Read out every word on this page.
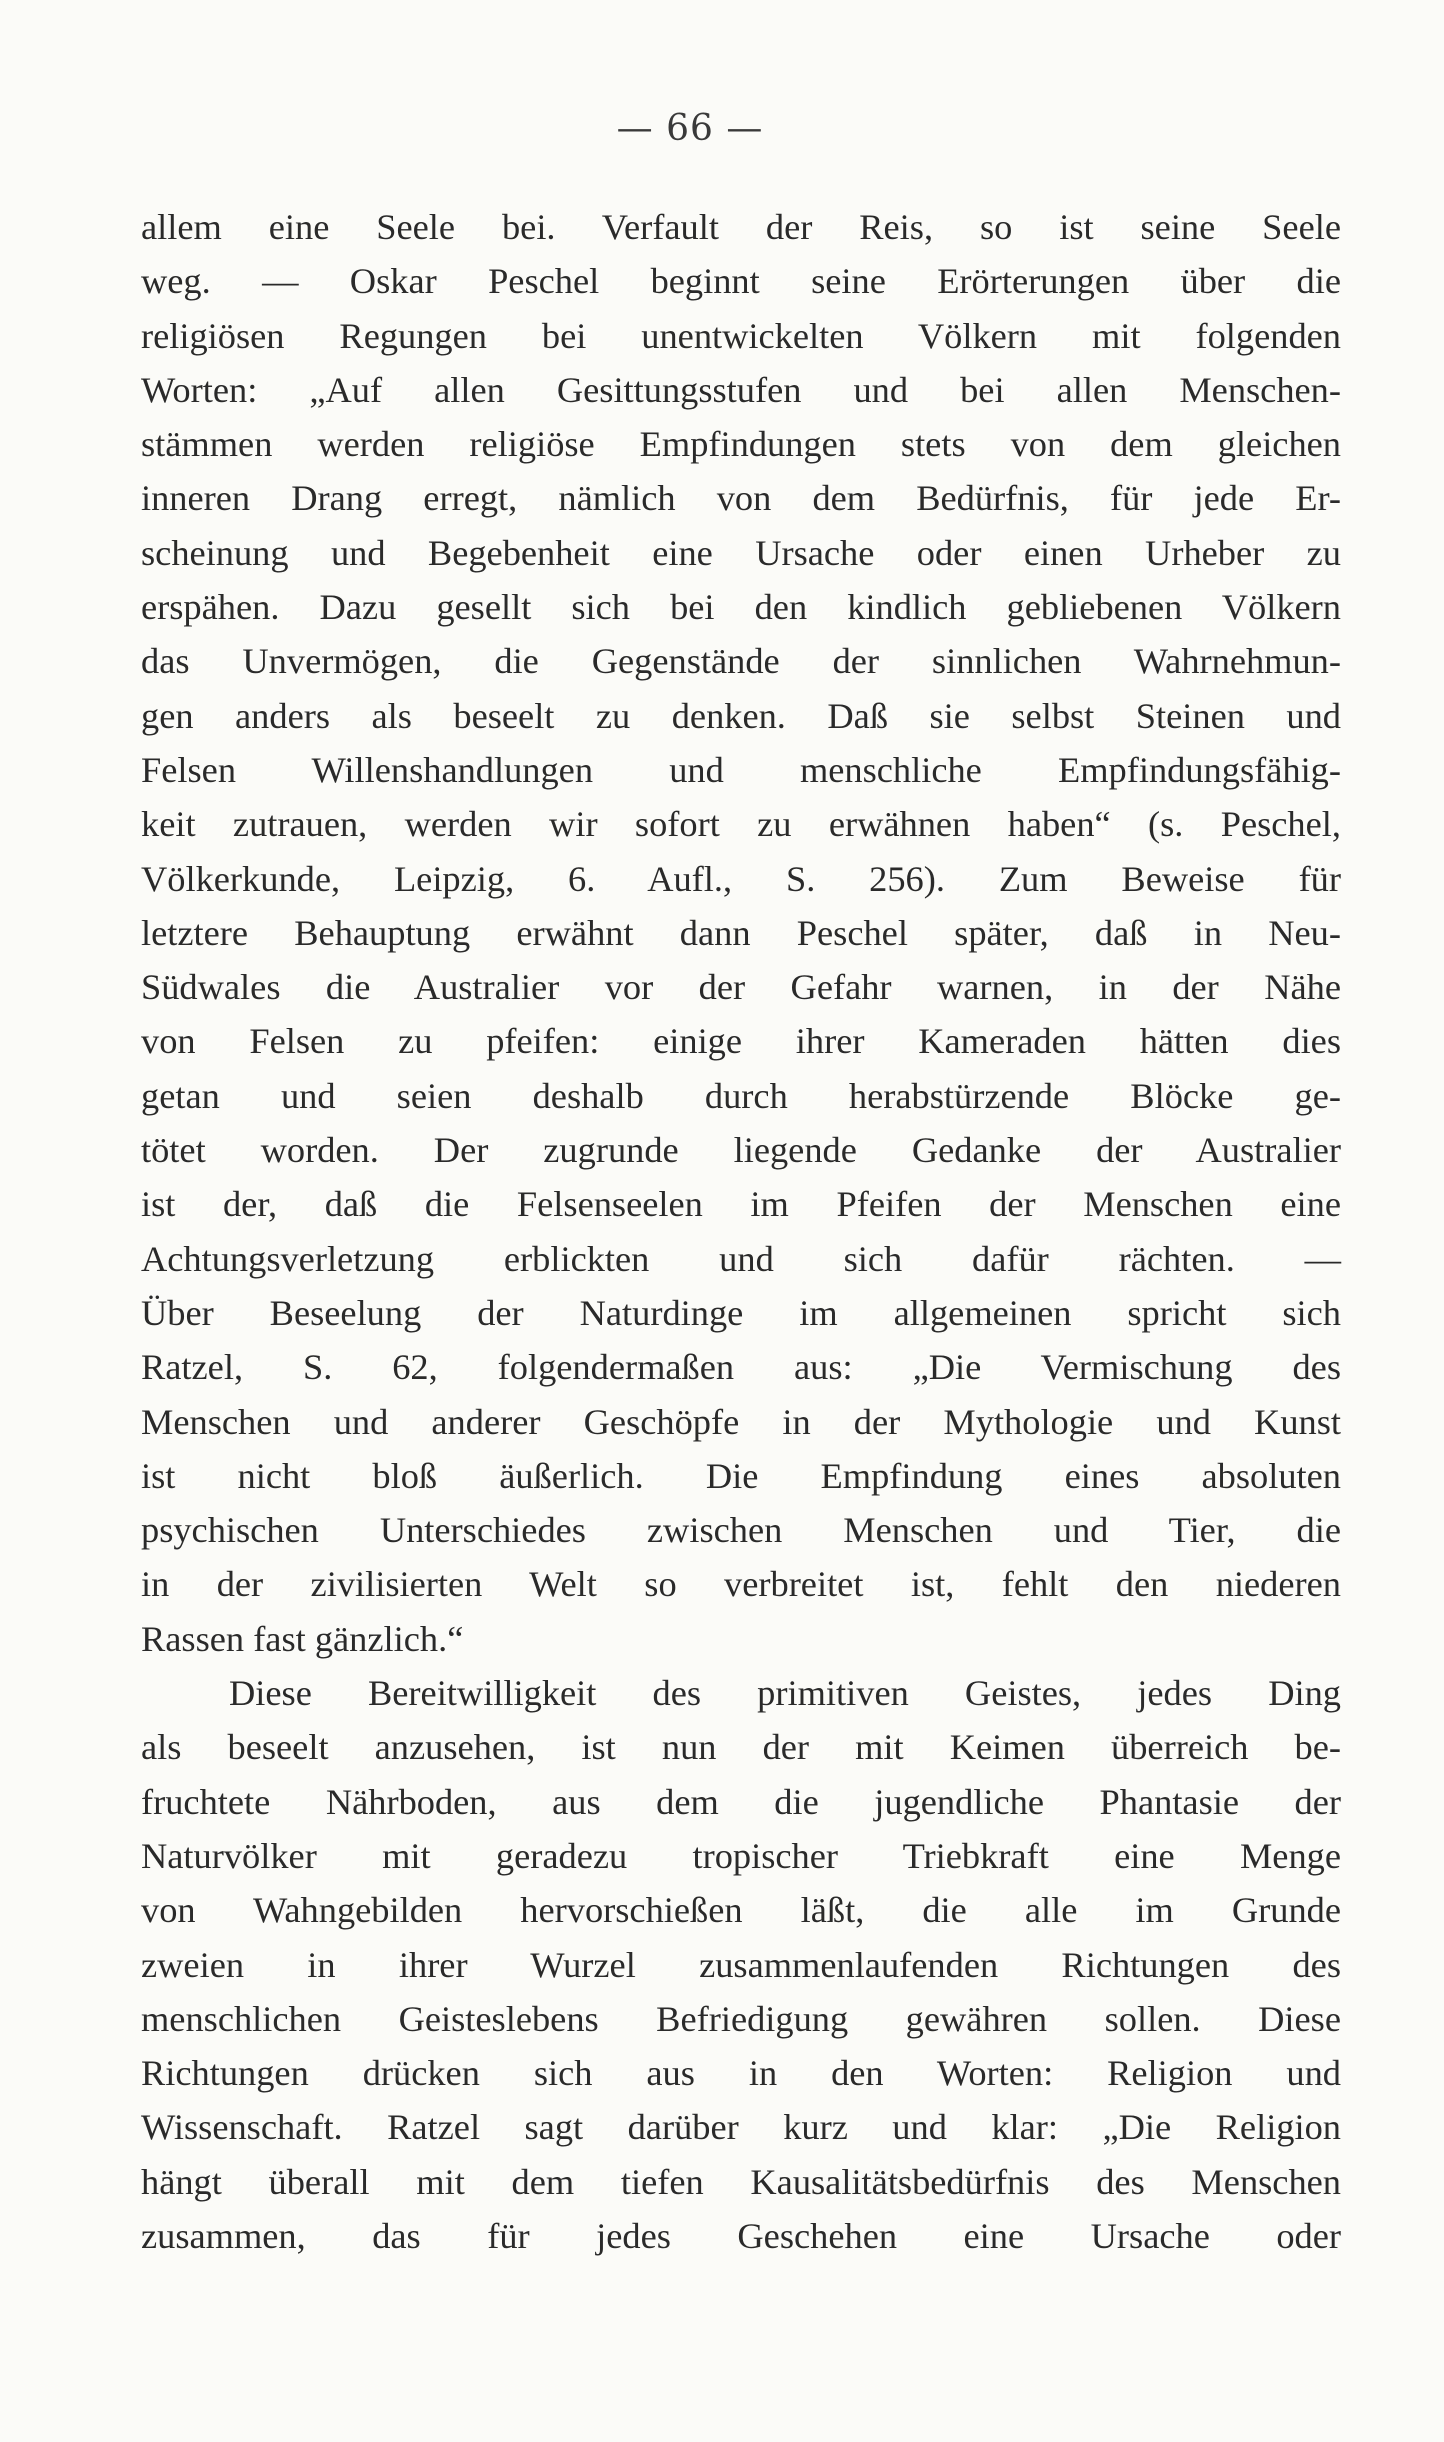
— 66 —
allem eine Seele bei. Verfault der Reis, so ist seine Seele
weg. — Oskar Peschel beginnt seine Erörterungen über die
religiösen Regungen bei unentwickelten Völkern mit folgenden
Worten: „Auf allen Gesittungsstufen und bei allen Menschen-
stämmen werden religiöse Empfindungen stets von dem gleichen
inneren Drang erregt, nämlich von dem Bedürfnis, für jede Er-
scheinung und Begebenheit eine Ursache oder einen Urheber zu
erspähen. Dazu gesellt sich bei den kindlich gebliebenen Völkern
das Unvermögen, die Gegenstände der sinnlichen Wahrnehmun-
gen anders als beseelt zu denken. Daß sie selbst Steinen und
Felsen Willenshandlungen und menschliche Empfindungsfähig-
keit zutrauen, werden wir sofort zu erwähnen haben“ (s. Peschel,
Völkerkunde, Leipzig, 6. Aufl., S. 256). Zum Beweise für
letztere Behauptung erwähnt dann Peschel später, daß in Neu-
Südwales die Australier vor der Gefahr warnen, in der Nähe
von Felsen zu pfeifen: einige ihrer Kameraden hätten dies
getan und seien deshalb durch herabstürzende Blöcke ge-
tötet worden. Der zugrunde liegende Gedanke der Australier
ist der, daß die Felsenseelen im Pfeifen der Menschen eine
Achtungsverletzung erblickten und sich dafür rächten. —
Über Beseelung der Naturdinge im allgemeinen spricht sich
Ratzel, S. 62, folgendermaßen aus: „Die Vermischung des
Menschen und anderer Geschöpfe in der Mythologie und Kunst
ist nicht bloß äußerlich. Die Empfindung eines absoluten
psychischen Unterschiedes zwischen Menschen und Tier, die
in der zivilisierten Welt so verbreitet ist, fehlt den niederen
Rassen fast gänzlich.“
Diese Bereitwilligkeit des primitiven Geistes, jedes Ding
als beseelt anzusehen, ist nun der mit Keimen überreich be-
fruchtete Nährboden, aus dem die jugendliche Phantasie der
Naturvölker mit geradezu tropischer Triebkraft eine Menge
von Wahngebilden hervorschießen läßt, die alle im Grunde
zweien in ihrer Wurzel zusammenlaufenden Richtungen des
menschlichen Geisteslebens Befriedigung gewähren sollen. Diese
Richtungen drücken sich aus in den Worten: Religion und
Wissenschaft. Ratzel sagt darüber kurz und klar: „Die Religion
hängt überall mit dem tiefen Kausalitätsbedürfnis des Menschen
zusammen, das für jedes Geschehen eine Ursache oder
